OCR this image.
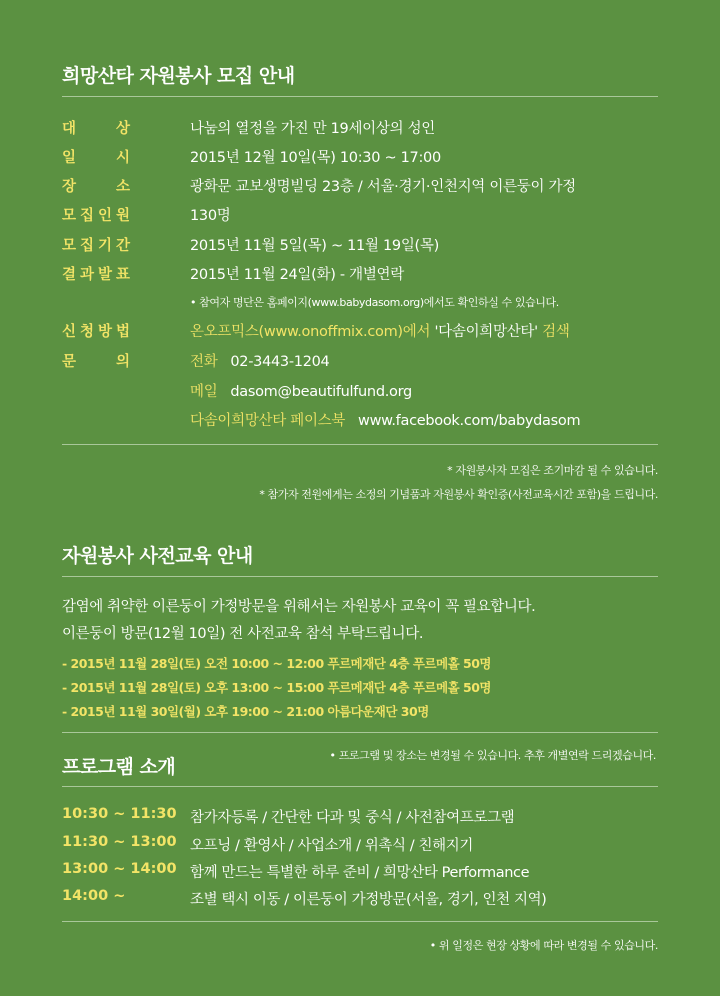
희망산타 자원봉사 모집 안내
대	상	나눔의 열정을 가진 만 19세이상의 성인
일	시	2015년 12월 10일(목) 10:30 ~ 17:00
장	소	광화문 교보생명빌딩 23층 / 서울·경기·인천지역 이른둥이 가정
모 집 인 원	130명
모 집 기 간	2015년 11월 5일(목) ~ 11월 19일(목)
결 과 발 표	2015년 11월 24일(화) - 개별연락
• 참여자 명단은 홈페이지(www.babydasom.org)에서도 확인하실 수 있습니다.
신 청 방 법	온오프믹스(www.onoffmix.com)에서 '다솜이희망산타' 검색
문	의	전화 02-3443-1204
메일 dasom@beautifulfund.org
다솜이희망산타 페이스북 www.facebook.com/babydasom
* 자원봉사자 모집은 조기마감 될 수 있습니다.
* 참가자 전원에게는 소정의 기념품과 자원봉사 확인증(사전교육시간 포함)을 드립니다.
자원봉사 사전교육 안내
감염에 취약한 이른둥이 가정방문을 위해서는 자원봉사 교육이 꼭 필요합니다.
이른둥이 방문(12월 10일) 전 사전교육 참석 부탁드립니다.
- 2015년 11월 28일(토) 오전 10:00 ~ 12:00 푸르메재단 4층 푸르메홀 50명
- 2015년 11월 28일(토) 오후 13:00 ~ 15:00 푸르메재단 4층 푸르메홀 50명
- 2015년 11월 30일(월) 오후 19:00 ~ 21:00 아름다운재단 30명
프로그램 소개
• 프로그램 및 장소는 변경될 수 있습니다. 추후 개별연락 드리겠습니다.
10:30 ~ 11:30 참가자등록 / 간단한 다과 및 중식 / 사전참여프로그램
11:30 ~ 13:00 오프닝 / 환영사 / 사업소개 / 위촉식 / 친해지기
13:00 ~ 14:00 함께 만드는 특별한 하루 준비 / 희망산타 Performance
14:00 ~	조별 택시 이동 / 이른둥이 가정방문(서울, 경기, 인천 지역)
• 위 일정은 현장 상황에 따라 변경될 수 있습니다.
